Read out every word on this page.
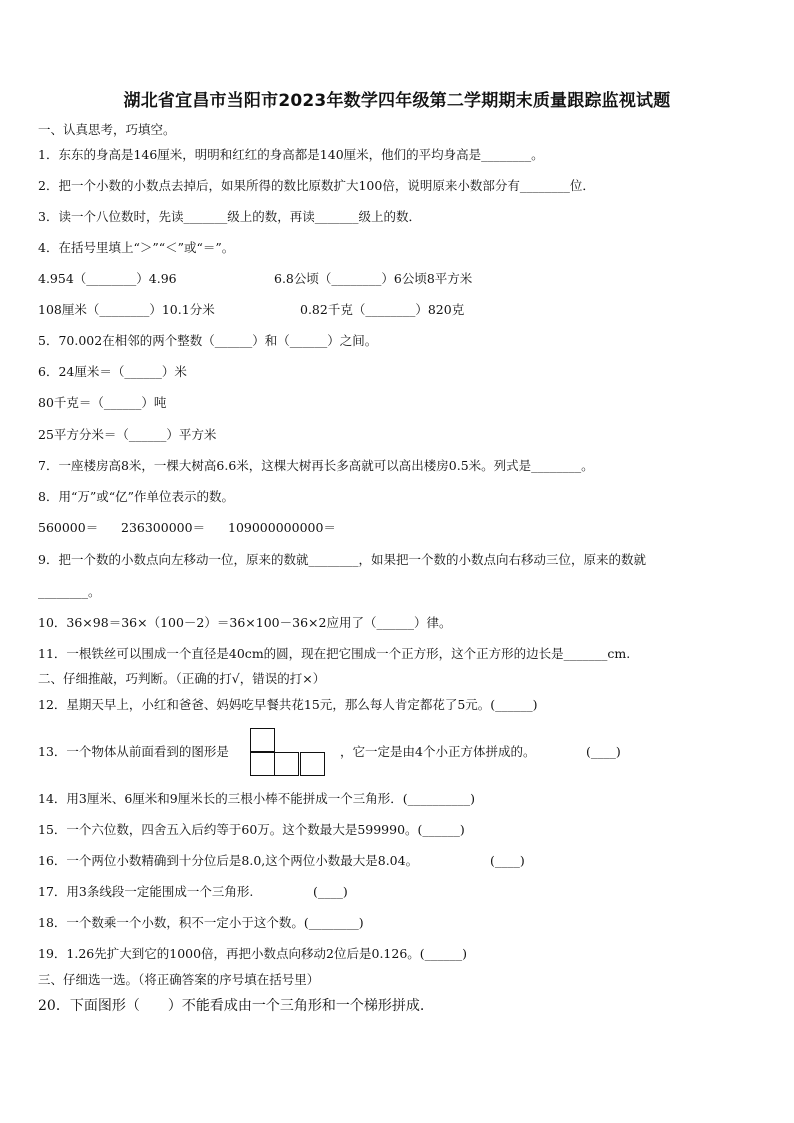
湖北省宜昌市当阳市2023年数学四年级第二学期期末质量跟踪监视试题
一、认真思考，巧填空。
1．东东的身高是146厘米，明明和红红的身高都是140厘米，他们的平均身高是________。
2．把一个小数的小数点去掉后，如果所得的数比原数扩大100倍，说明原来小数部分有________位．
3．读一个八位数时，先读_______级上的数，再读_______级上的数．
4．在括号里填上“＞”“＜”或“＝”。
4.954（________）4.96	6.8公顷（________）6公顷8平方米
108厘米（________）10.1分米	0.82千克（________）820克
5．70.002在相邻的两个整数（______）和（______）之间。
6．24厘米＝（______）米
80千克＝（______）吨
25平方分米＝（______）平方米
7．一座楼房高8米，一棵大树高6.6米，这棵大树再长多高就可以高出楼房0.5米。列式是________。
8．用“万”或“亿”作单位表示的数。
560000＝ 236300000＝ 109000000000＝
9．把一个数的小数点向左移动一位，原来的数就________，如果把一个数的小数点向右移动三位，原来的数就
________。
10．36×98＝36×（100－2）＝36×100－36×2应用了（______）律。
11．一根铁丝可以围成一个直径是40cm的圆，现在把它围成一个正方形，这个正方形的边长是_______cm.
二、仔细推敲，巧判断。（正确的打√，错误的打×）
12．星期天早上，小红和爸爸、妈妈吃早餐共花15元，那么每人肯定都花了5元。(______)
13．一个物体从前面看到的图形是	，它一定是由4个小正方体拼成的。	(____)
14．用3厘米、6厘米和9厘米长的三根小棒不能拼成一个三角形．(__________)
15．一个六位数，四舍五入后约等于60万。这个数最大是599990。(______)
16．一个两位小数精确到十分位后是8.0,这个两位小数最大是8.04。	(____)
17．用3条线段一定能围成一个三角形.	(____)
18．一个数乘一个小数，积不一定小于这个数。(________)
19．1.26先扩大到它的1000倍，再把小数点向移动2位后是0.126。(______)
三、仔细选一选。（将正确答案的序号填在括号里）
20．下面图形（　　）不能看成由一个三角形和一个梯形拼成.
